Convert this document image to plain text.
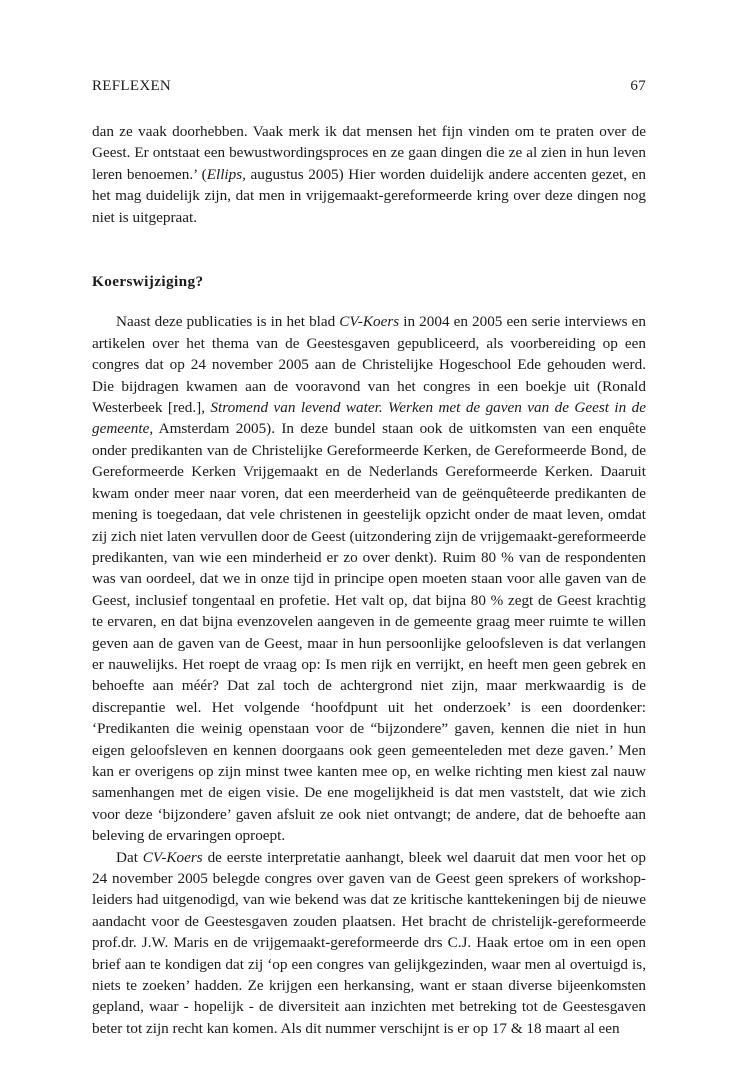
REFLEXEN	67

dan ze vaak doorhebben. Vaak merk ik dat mensen het fijn vinden om te praten over de Geest. Er ontstaat een bewustwordingsproces en ze gaan dingen die ze al zien in hun leven leren benoemen.’ (Ellips, augustus 2005) Hier worden duidelijk andere accenten gezet, en het mag duidelijk zijn, dat men in vrijgemaakt-gereformeerde kring over deze dingen nog niet is uitgepraat.

Koerswijziging?

Naast deze publicaties is in het blad CV-Koers in 2004 en 2005 een serie interviews en artikelen over het thema van de Geestesgaven gepubliceerd, als voorbereiding op een congres dat op 24 november 2005 aan de Christelijke Hogeschool Ede gehouden werd. Die bijdragen kwamen aan de vooravond van het congres in een boekje uit (Ronald Westerbeek [red.], Stromend van levend water. Werken met de gaven van de Geest in de gemeente, Amsterdam 2005). In deze bundel staan ook de uitkomsten van een enquête onder predikanten van de Christelijke Gereformeerde Kerken, de Gereformeerde Bond, de Gereformeerde Kerken Vrijgemaakt en de Nederlands Gereformeerde Kerken. Daaruit kwam onder meer naar voren, dat een meerderheid van de geënquêteerde predikanten de mening is toegedaan, dat vele christenen in geestelijk opzicht onder de maat leven, omdat zij zich niet laten vervullen door de Geest (uitzondering zijn de vrijgemaakt-gereformeerde predikanten, van wie een minderheid er zo over denkt). Ruim 80 % van de respondenten was van oordeel, dat we in onze tijd in principe open moeten staan voor alle gaven van de Geest, inclusief tongentaal en profetie. Het valt op, dat bijna 80 % zegt de Geest krachtig te ervaren, en dat bijna evenzovelen aangeven in de gemeente graag meer ruimte te willen geven aan de gaven van de Geest, maar in hun persoonlijke geloofsleven is dat verlangen er nauwelijks. Het roept de vraag op: Is men rijk en verrijkt, en heeft men geen gebrek en behoefte aan méér? Dat zal toch de achtergrond niet zijn, maar merkwaardig is de discrepantie wel. Het volgende ‘hoofdpunt uit het onderzoek’ is een doordenker: ‘Predikanten die weinig openstaan voor de “bijzondere” gaven, kennen die niet in hun eigen geloofsleven en kennen doorgaans ook geen gemeenteleden met deze gaven.’ Men kan er overigens op zijn minst twee kanten mee op, en welke richting men kiest zal nauw samenhangen met de eigen visie. De ene mogelijkheid is dat men vaststelt, dat wie zich voor deze ‘bijzondere’ gaven afsluit ze ook niet ontvangt; de andere, dat de behoefte aan beleving de ervaringen oproept.

Dat CV-Koers de eerste interpretatie aanhangt, bleek wel daaruit dat men voor het op 24 november 2005 belegde congres over gaven van de Geest geen sprekers of workshop-leiders had uitgenodigd, van wie bekend was dat ze kritische kanttekeningen bij de nieuwe aandacht voor de Geestesgaven zouden plaatsen. Het bracht de christelijk-gereformeerde prof.dr. J.W. Maris en de vrijgemaakt-gereformeerde drs C.J. Haak ertoe om in een open brief aan te kondigen dat zij ‘op een congres van gelijkgezinden, waar men al overtuigd is, niets te zoeken’ hadden. Ze krijgen een herkansing, want er staan diverse bijeenkomsten gepland, waar - hopelijk - de diversiteit aan inzichten met betreking tot de Geestesgaven beter tot zijn recht kan komen. Als dit nummer verschijnt is er op 17 & 18 maart al een
